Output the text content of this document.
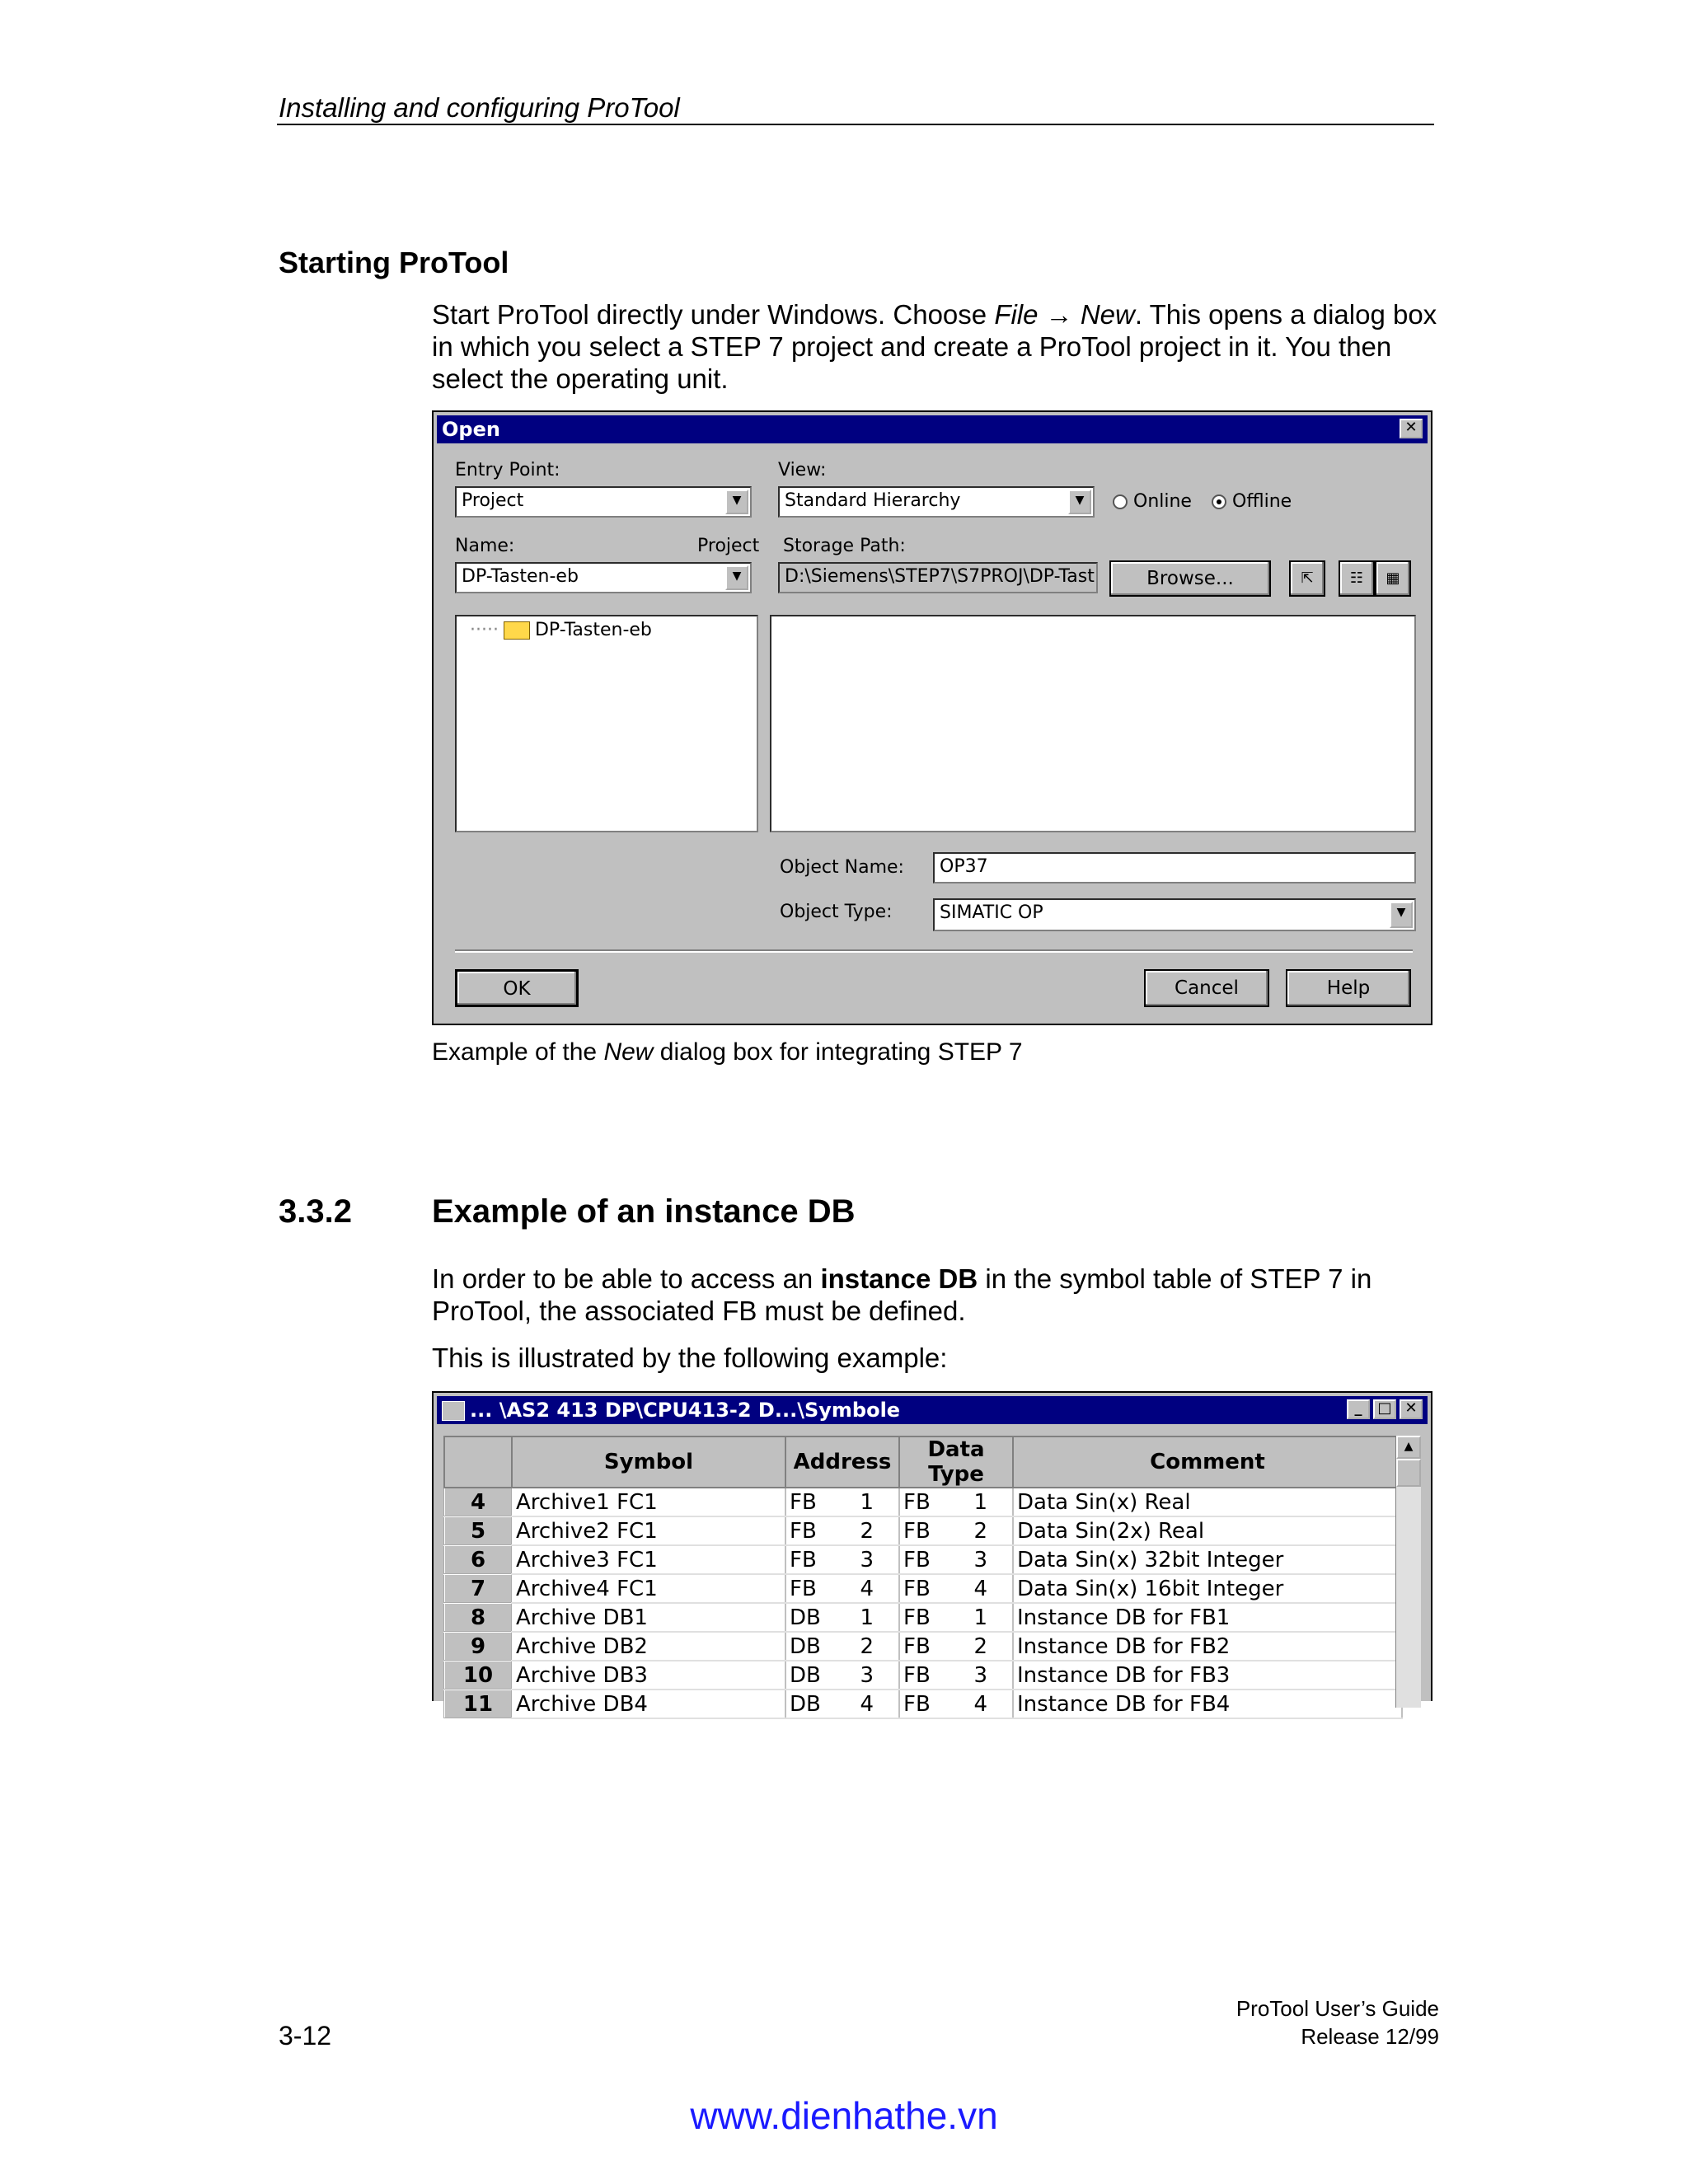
Installing and configuring ProTool
Starting ProTool
Start ProTool directly under Windows. Choose File → New. This opens a dialog box in which you select a STEP 7 project and create a ProTool project in it. You then select the operating unit.
Open	✕
Entry Point:
Project	▼
View:
Standard Hierarchy	▼	Online	Offline
Name:	Project
DP-Tasten-eb	▼
Storage Path:
D:\Siemens\STEP7\S7PROJ\DP-Tast	Browse...	⇱	☷	▦
····· DP-Tasten-eb
Object Name:	OP37
Object Type:	SIMATIC OP	▼
OK	Cancel	Help
Example of the New dialog box for integrating STEP 7
3.3.2 Example of an instance DB
In order to be able to access an instance DB in the symbol table of STEP 7 in ProTool, the associated FB must be defined.
This is illustrated by the following example:
... \AS2 413 DP\CPU413-2 D...\Symbole	_	□ ✕
	Symbol	Address	Data Type	Comment
4	Archive1 FC1	FB 1	FB 1	Data Sin(x) Real
5	Archive2 FC1	FB 2	FB 2	Data Sin(2x) Real
6	Archive3 FC1	FB 3	FB 3	Data Sin(x) 32bit Integer
7	Archive4 FC1	FB 4	FB 4	Data Sin(x) 16bit Integer
8	Archive DB1	DB 1	FB 1	Instance DB for FB1
9	Archive DB2	DB 2	FB 2	Instance DB for FB2
10	Archive DB3	DB 3	FB 3	Instance DB for FB3
11	Archive DB4	DB 4	FB 4	Instance DB for FB4
▲
ProTool User’s Guide
Release 12/99
3-12
www.dienhathe.vn
